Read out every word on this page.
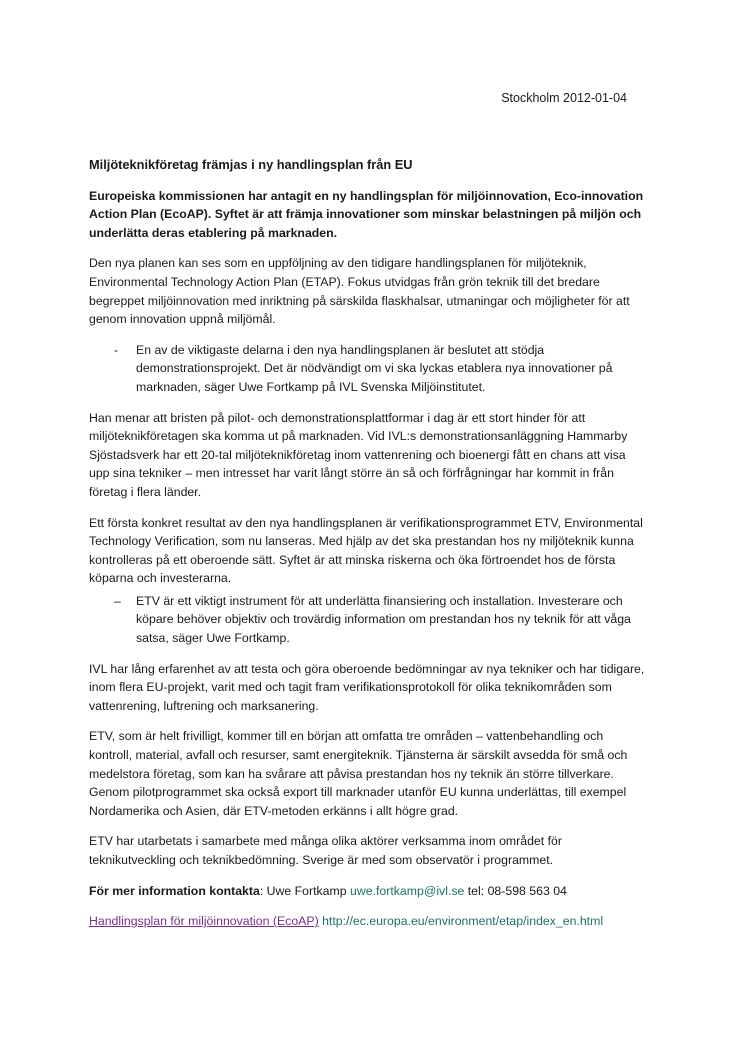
Stockholm 2012-01-04

Miljöteknikföretag främjas i ny handlingsplan från EU

Europeiska kommissionen har antagit en ny handlingsplan för miljöinnovation, Eco-innovation Action Plan (EcoAP). Syftet är att främja innovationer som minskar belastningen på miljön och underlätta deras etablering på marknaden.

Den nya planen kan ses som en uppföljning av den tidigare handlingsplanen för miljöteknik, Environmental Technology Action Plan (ETAP). Fokus utvidgas från grön teknik till det bredare begreppet miljöinnovation med inriktning på särskilda flaskhalsar, utmaningar och möjligheter för att genom innovation uppnå miljömål.

- En av de viktigaste delarna i den nya handlingsplanen är beslutet att stödja demonstrationsprojekt. Det är nödvändigt om vi ska lyckas etablera nya innovationer på marknaden, säger Uwe Fortkamp på IVL Svenska Miljöinstitutet.

Han menar att bristen på pilot- och demonstrationsplattformar i dag är ett stort hinder för att miljöteknikföretagen ska komma ut på marknaden. Vid IVL:s demonstrationsanläggning Hammarby Sjöstadsverk har ett 20-tal miljöteknikföretag inom vattenrening och bioenergi fått en chans att visa upp sina tekniker – men intresset har varit långt större än så och förfrågningar har kommit in från företag i flera länder.

Ett första konkret resultat av den nya handlingsplanen är verifikationsprogrammet ETV, Environmental Technology Verification, som nu lanseras. Med hjälp av det ska prestandan hos ny miljöteknik kunna kontrolleras på ett oberoende sätt. Syftet är att minska riskerna och öka förtroendet hos de första köparna och investerarna.

– ETV är ett viktigt instrument för att underlätta finansiering och installation. Investerare och köpare behöver objektiv och trovärdig information om prestandan hos ny teknik för att våga satsa, säger Uwe Fortkamp.

IVL har lång erfarenhet av att testa och göra oberoende bedömningar av nya tekniker och har tidigare, inom flera EU-projekt, varit med och tagit fram verifikationsprotokoll för olika teknikområden som vattenrening, luftrening och marksanering.

ETV, som är helt frivilligt, kommer till en början att omfatta tre områden – vattenbehandling och kontroll, material, avfall och resurser, samt energiteknik. Tjänsterna är särskilt avsedda för små och medelstora företag, som kan ha svårare att påvisa prestandan hos ny teknik än större tillverkare. Genom pilotprogrammet ska också export till marknader utanför EU kunna underlättas, till exempel Nordamerika och Asien, där ETV-metoden erkänns i allt högre grad.

ETV har utarbetats i samarbete med många olika aktörer verksamma inom området för teknikutveckling och teknikbedömning. Sverige är med som observatör i programmet.

För mer information kontakta: Uwe Fortkamp uwe.fortkamp@ivl.se tel: 08-598 563 04

Handlingsplan för miljöinnovation (EcoAP) http://ec.europa.eu/environment/etap/index_en.html
